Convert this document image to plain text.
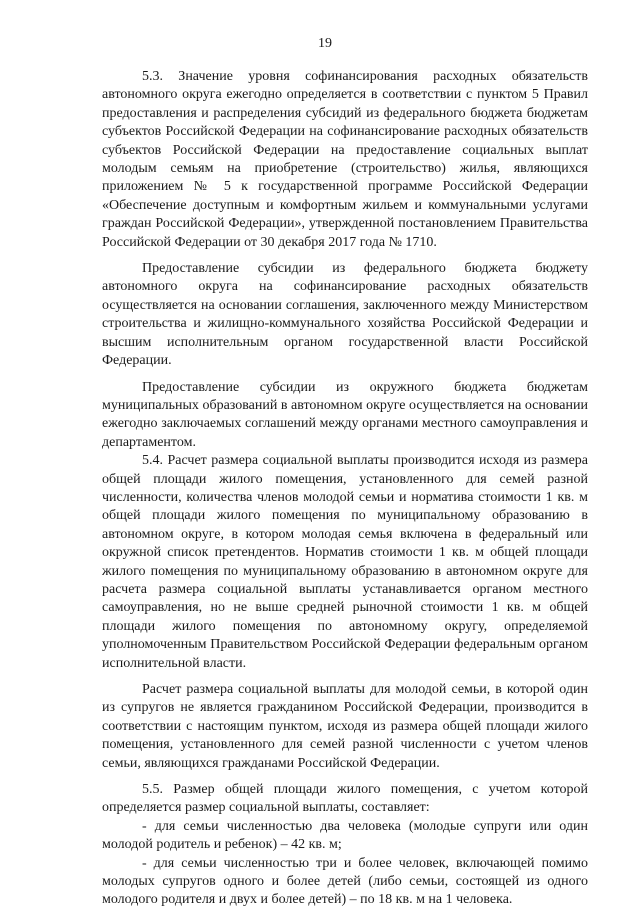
19

5.3. Значение уровня софинансирования расходных обязательств автономного округа ежегодно определяется в соответствии с пунктом 5 Правил предоставления и распределения субсидий из федерального бюджета бюджетам субъектов Российской Федерации на софинансирование расходных обязательств субъектов Российской Федерации на предоставление социальных выплат молодым семьям на приобретение (строительство) жилья, являющихся приложением № 5 к государственной программе Российской Федерации «Обеспечение доступным и комфортным жильем и коммунальными услугами граждан Российской Федерации», утвержденной постановлением Правительства Российской Федерации от 30 декабря 2017 года № 1710.

Предоставление субсидии из федерального бюджета бюджету автономного округа на софинансирование расходных обязательств осуществляется на основании соглашения, заключенного между Министерством строительства и жилищно-коммунального хозяйства Российской Федерации и высшим исполнительным органом государственной власти Российской Федерации.

Предоставление субсидии из окружного бюджета бюджетам муниципальных образований в автономном округе осуществляется на основании ежегодно заключаемых соглашений между органами местного самоуправления и департаментом.

5.4. Расчет размера социальной выплаты производится исходя из размера общей площади жилого помещения, установленного для семей разной численности, количества членов молодой семьи и норматива стоимости 1 кв. м общей площади жилого помещения по муниципальному образованию в автономном округе, в котором молодая семья включена в федеральный или окружной список претендентов. Норматив стоимости 1 кв. м общей площади жилого помещения по муниципальному образованию в автономном округе для расчета размера социальной выплаты устанавливается органом местного самоуправления, но не выше средней рыночной стоимости 1 кв. м общей площади жилого помещения по автономному округу, определяемой уполномоченным Правительством Российской Федерации федеральным органом исполнительной власти.

Расчет размера социальной выплаты для молодой семьи, в которой один из супругов не является гражданином Российской Федерации, производится в соответствии с настоящим пунктом, исходя из размера общей площади жилого помещения, установленного для семей разной численности с учетом членов семьи, являющихся гражданами Российской Федерации.

5.5. Размер общей площади жилого помещения, с учетом которой определяется размер социальной выплаты, составляет:

- для семьи численностью два человека (молодые супруги или один молодой родитель и ребенок) – 42 кв. м;

- для семьи численностью три и более человек, включающей помимо молодых супругов одного и более детей (либо семьи, состоящей из одного молодого родителя и двух и более детей) – по 18 кв. м на 1 человека.
